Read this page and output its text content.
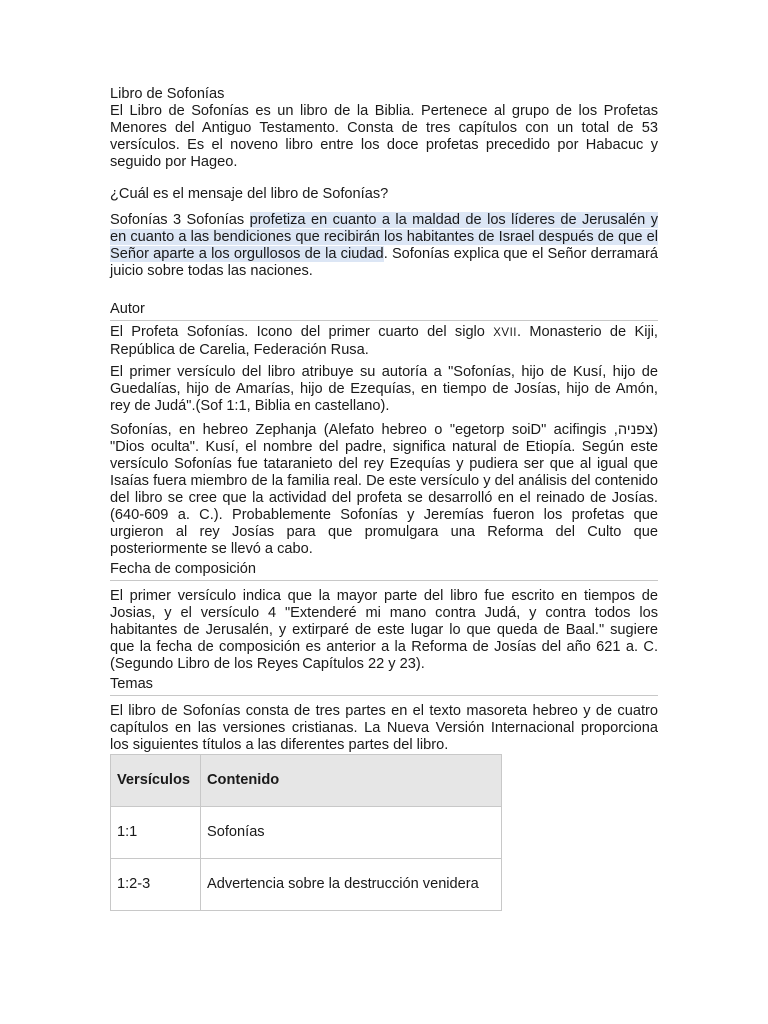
Libro de Sofonías

El Libro de Sofonías es un libro de la Biblia. Pertenece al grupo de los Profetas Menores del Antiguo Testamento. Consta de tres capítulos con un total de 53 versículos. Es el noveno libro entre los doce profetas precedido por Habacuc y seguido por Hageo.

¿Cuál es el mensaje del libro de Sofonías?

Sofonías 3 Sofonías profetiza en cuanto a la maldad de los líderes de Jerusalén y en cuanto a las bendiciones que recibirán los habitantes de Israel después de que el Señor aparte a los orgullosos de la ciudad. Sofonías explica que el Señor derramará juicio sobre todas las naciones.

Autor

El Profeta Sofonías. Icono del primer cuarto del siglo XVII. Monasterio de Kiji, República de Carelia, Federación Rusa.

El primer versículo del libro atribuye su autoría a "Sofonías, hijo de Kusí, hijo de Guedalías, hijo de Amarías, hijo de Ezequías, en tiempo de Josías, hijo de Amón, rey de Judá".(Sof 1:1, Biblia en castellano).

Sofonías, en hebreo Zephanja (Alefato hebreo o "egetorp soiD" acifingis ,צפניה) "Dios oculta". Kusí, el nombre del padre, significa natural de Etiopía. Según este versículo Sofonías fue tataranieto del rey Ezequías y pudiera ser que al igual que Isaías fuera miembro de la familia real. De este versículo y del análisis del contenido del libro se cree que la actividad del profeta se desarrolló en el reinado de Josías.(640-609 a. C.). Probablemente Sofonías y Jeremías fueron los profetas que urgieron al rey Josías para que promulgara una Reforma del Culto que posteriormente se llevó a cabo.

Fecha de composición

El primer versículo indica que la mayor parte del libro fue escrito en tiempos de Josias, y el versículo 4 "Extenderé mi mano contra Judá, y contra todos los habitantes de Jerusalén, y extirparé de este lugar lo que queda de Baal." sugiere que la fecha de composición es anterior a la Reforma de Josías del año 621 a. C. (Segundo Libro de los Reyes Capítulos 22 y 23).

Temas

El libro de Sofonías consta de tres partes en el texto masoreta hebreo y de cuatro capítulos en las versiones cristianas. La Nueva Versión Internacional proporciona los siguientes títulos a las diferentes partes del libro.

Versículos	Contenido
1:1	Sofonías
1:2-3	Advertencia sobre la destrucción venidera
